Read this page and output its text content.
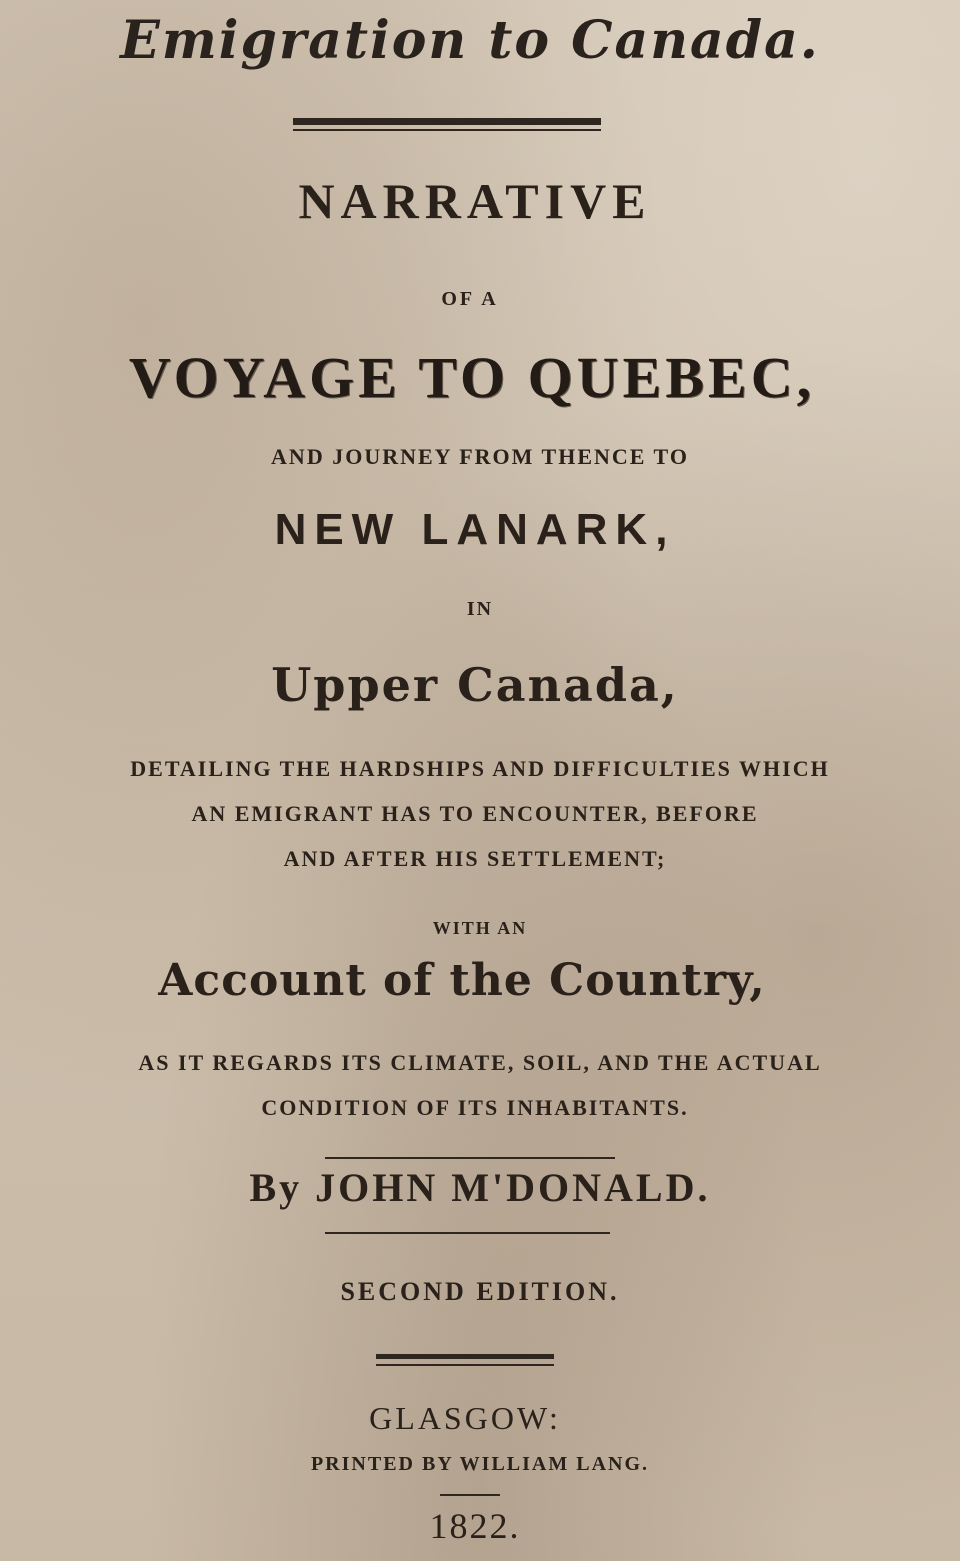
Emigration to Canada.
NARRATIVE
OF A
VOYAGE TO QUEBEC,
AND JOURNEY FROM THENCE TO
NEW LANARK,
IN
Upper Canada,
DETAILING THE HARDSHIPS AND DIFFICULTIES WHICH
AN EMIGRANT HAS TO ENCOUNTER, BEFORE
AND AFTER HIS SETTLEMENT;
WITH AN
Account of the Country,
AS IT REGARDS ITS CLIMATE, SOIL, AND THE ACTUAL
CONDITION OF ITS INHABITANTS.
By JOHN M'DONALD.
SECOND EDITION.
GLASGOW:
PRINTED BY WILLIAM LANG.
1822.
